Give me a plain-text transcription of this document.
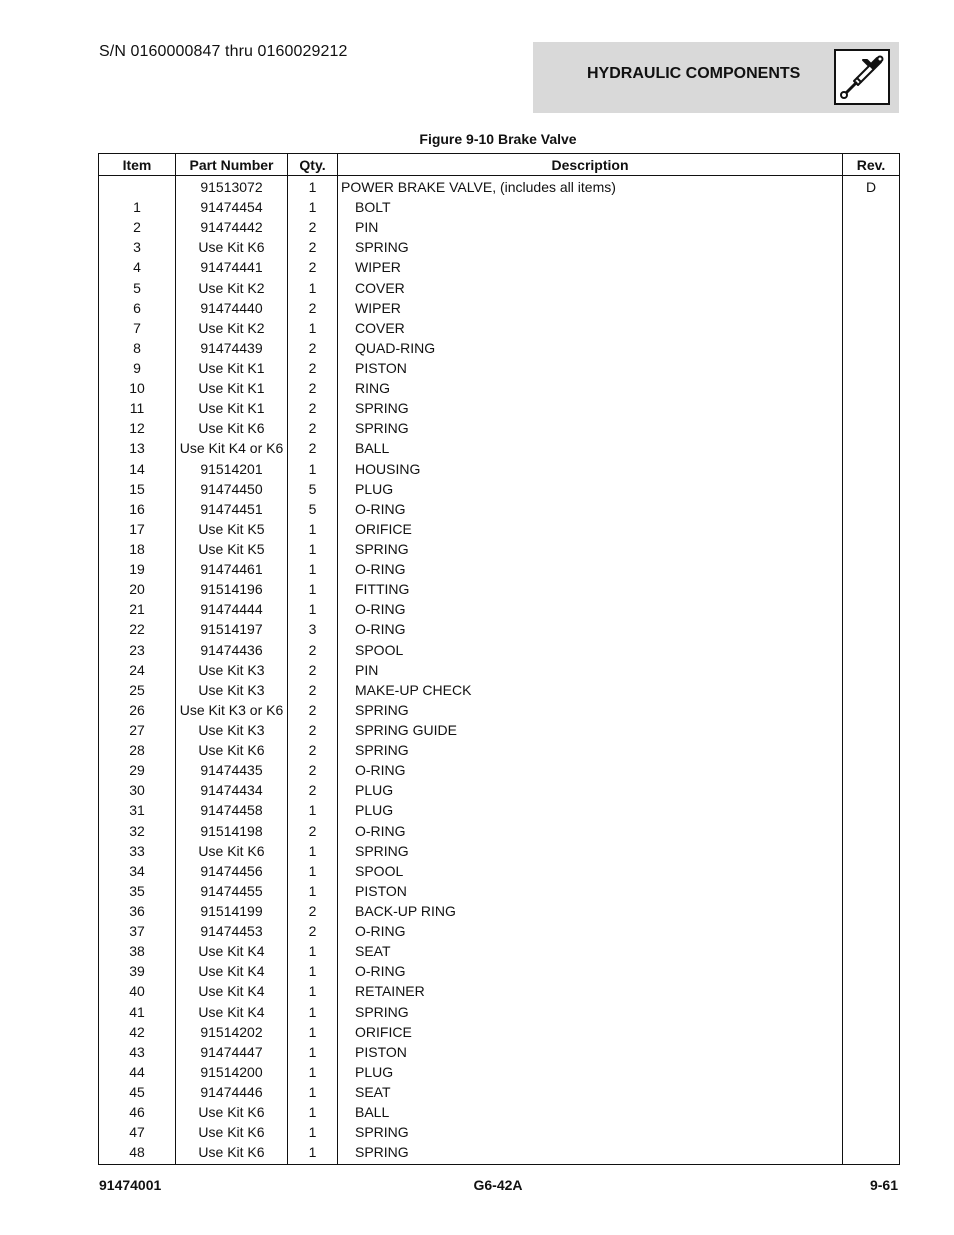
S/N 0160000847 thru 0160029212
HYDRAULIC COMPONENTS
Figure 9-10 Brake Valve
Item	Part Number	Qty.	Description	Rev.
	91513072	1	POWER BRAKE VALVE, (includes all items)	D
1	91474454	1	BOLT	
2	91474442	2	PIN	
3	Use Kit K6	2	SPRING	
4	91474441	2	WIPER	
5	Use Kit K2	1	COVER	
6	91474440	2	WIPER	
7	Use Kit K2	1	COVER	
8	91474439	2	QUAD-RING	
9	Use Kit K1	2	PISTON	
10	Use Kit K1	2	RING	
11	Use Kit K1	2	SPRING	
12	Use Kit K6	2	SPRING	
13	Use Kit K4 or K6	2	BALL	
14	91514201	1	HOUSING	
15	91474450	5	PLUG	
16	91474451	5	O-RING	
17	Use Kit K5	1	ORIFICE	
18	Use Kit K5	1	SPRING	
19	91474461	1	O-RING	
20	91514196	1	FITTING	
21	91474444	1	O-RING	
22	91514197	3	O-RING	
23	91474436	2	SPOOL	
24	Use Kit K3	2	PIN	
25	Use Kit K3	2	MAKE-UP CHECK	
26	Use Kit K3 or K6	2	SPRING	
27	Use Kit K3	2	SPRING GUIDE	
28	Use Kit K6	2	SPRING	
29	91474435	2	O-RING	
30	91474434	2	PLUG	
31	91474458	1	PLUG	
32	91514198	2	O-RING	
33	Use Kit K6	1	SPRING	
34	91474456	1	SPOOL	
35	91474455	1	PISTON	
36	91514199	2	BACK-UP RING	
37	91474453	2	O-RING	
38	Use Kit K4	1	SEAT	
39	Use Kit K4	1	O-RING	
40	Use Kit K4	1	RETAINER	
41	Use Kit K4	1	SPRING	
42	91514202	1	ORIFICE	
43	91474447	1	PISTON	
44	91514200	1	PLUG	
45	91474446	1	SEAT	
46	Use Kit K6	1	BALL	
47	Use Kit K6	1	SPRING	
48	Use Kit K6	1	SPRING	
91474001	G6-42A	9-61
